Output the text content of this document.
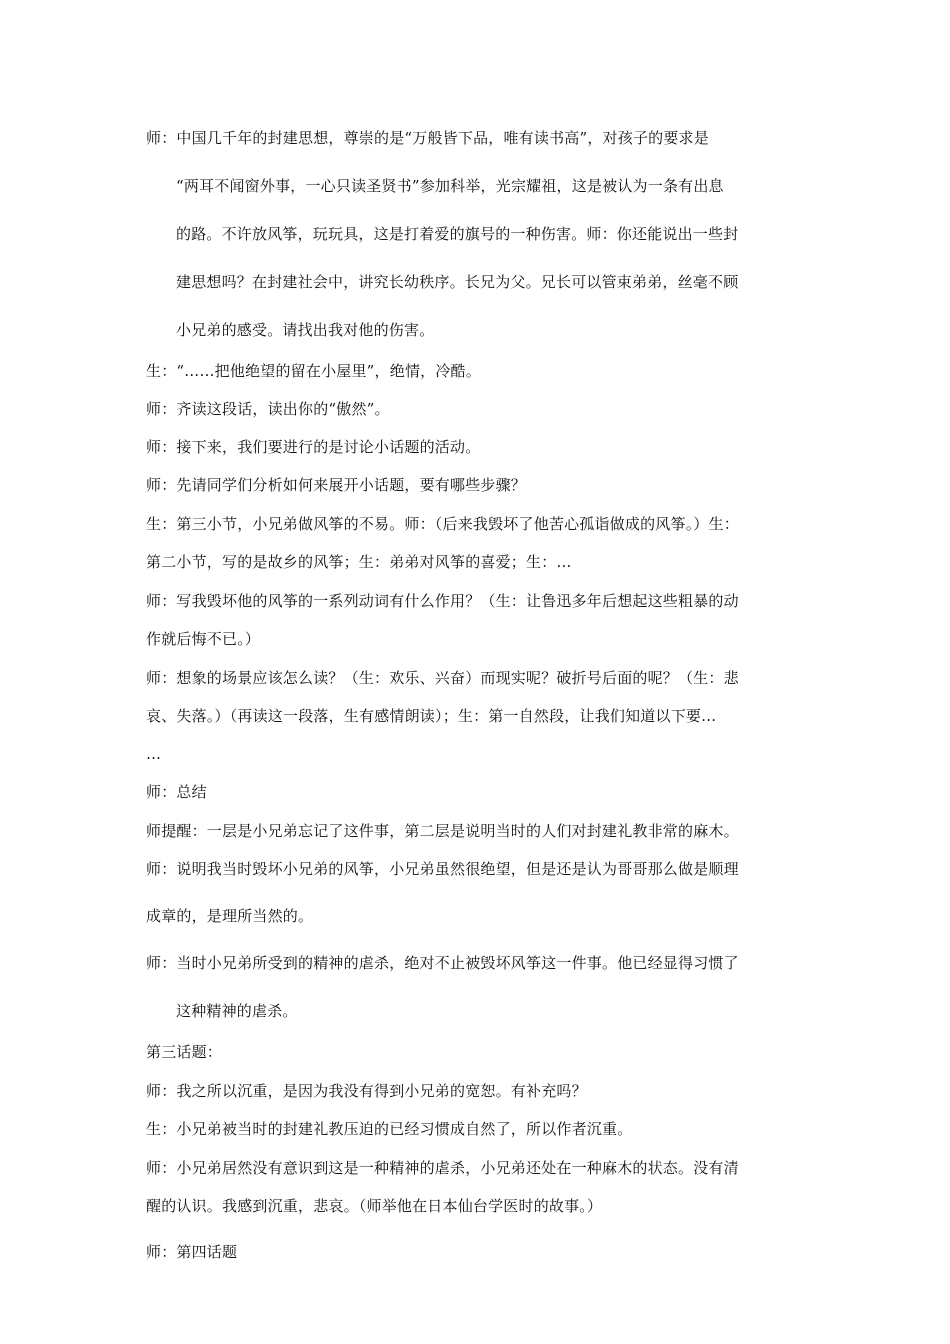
师：中国几千年的封建思想，尊崇的是“万般皆下品，唯有读书高”，对孩子的要求是
“两耳不闻窗外事，一心只读圣贤书”参加科举，光宗耀祖，这是被认为一条有出息
的路。不许放风筝，玩玩具，这是打着爱的旗号的一种伤害。师：你还能说出一些封
建思想吗？在封建社会中，讲究长幼秩序。长兄为父。兄长可以管束弟弟，丝毫不顾
小兄弟的感受。请找出我对他的伤害。
生：“……把他绝望的留在小屋里”，绝情，冷酷。
师：齐读这段话，读出你的“傲然”。
师：接下来，我们要进行的是讨论小话题的活动。
师：先请同学们分析如何来展开小话题，要有哪些步骤？
生：第三小节，小兄弟做风筝的不易。师：（后来我毁坏了他苦心孤诣做成的风筝。）生：
第二小节，写的是故乡的风筝；生：弟弟对风筝的喜爱；生：…
师：写我毁坏他的风筝的一系列动词有什么作用？（生：让鲁迅多年后想起这些粗暴的动
作就后悔不已。）
师：想象的场景应该怎么读？（生：欢乐、兴奋）而现实呢？破折号后面的呢？（生：悲
哀、失落。）（再读这一段落，生有感情朗读）；生：第一自然段，让我们知道以下要…
…
师：总结
师提醒：一层是小兄弟忘记了这件事，第二层是说明当时的人们对封建礼教非常的麻木。
师：说明我当时毁坏小兄弟的风筝，小兄弟虽然很绝望，但是还是认为哥哥那么做是顺理
成章的，是理所当然的。
师：当时小兄弟所受到的精神的虐杀，绝对不止被毁坏风筝这一件事。他已经显得习惯了
这种精神的虐杀。
第三话题：
师：我之所以沉重，是因为我没有得到小兄弟的宽恕。有补充吗？
生：小兄弟被当时的封建礼教压迫的已经习惯成自然了，所以作者沉重。
师：小兄弟居然没有意识到这是一种精神的虐杀，小兄弟还处在一种麻木的状态。没有清
醒的认识。我感到沉重，悲哀。（师举他在日本仙台学医时的故事。）
师：第四话题
